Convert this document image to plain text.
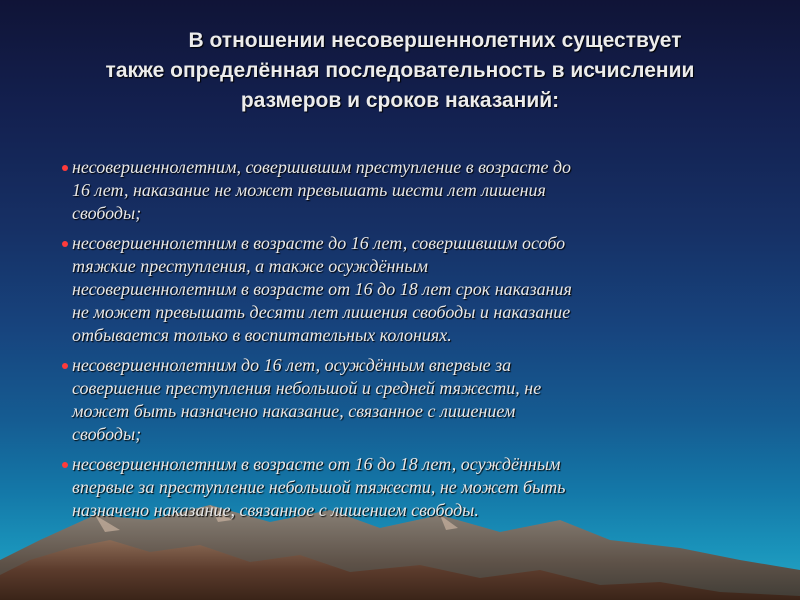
В отношении несовершеннолетних существует
также определённая последовательность в исчислении
размеров и сроков наказаний:
несовершеннолетним, совершившим преступление в возрасте до
16 лет, наказание не может превышать шести лет лишения
свободы;
несовершеннолетним в возрасте до 16 лет, совершившим особо
тяжкие преступления, а также осуждённым
несовершеннолетним в возрасте от 16 до 18 лет срок наказания
не может превышать десяти лет лишения свободы и наказание
отбывается только в воспитательных колониях.
несовершеннолетним до 16 лет, осуждённым впервые за
совершение преступления небольшой и средней тяжести, не
может быть назначено наказание, связанное с лишением
свободы;
несовершеннолетним в возрасте от 16 до 18 лет, осуждённым
впервые за преступление небольшой тяжести, не может быть
назначено наказание, связанное с лишением свободы.
